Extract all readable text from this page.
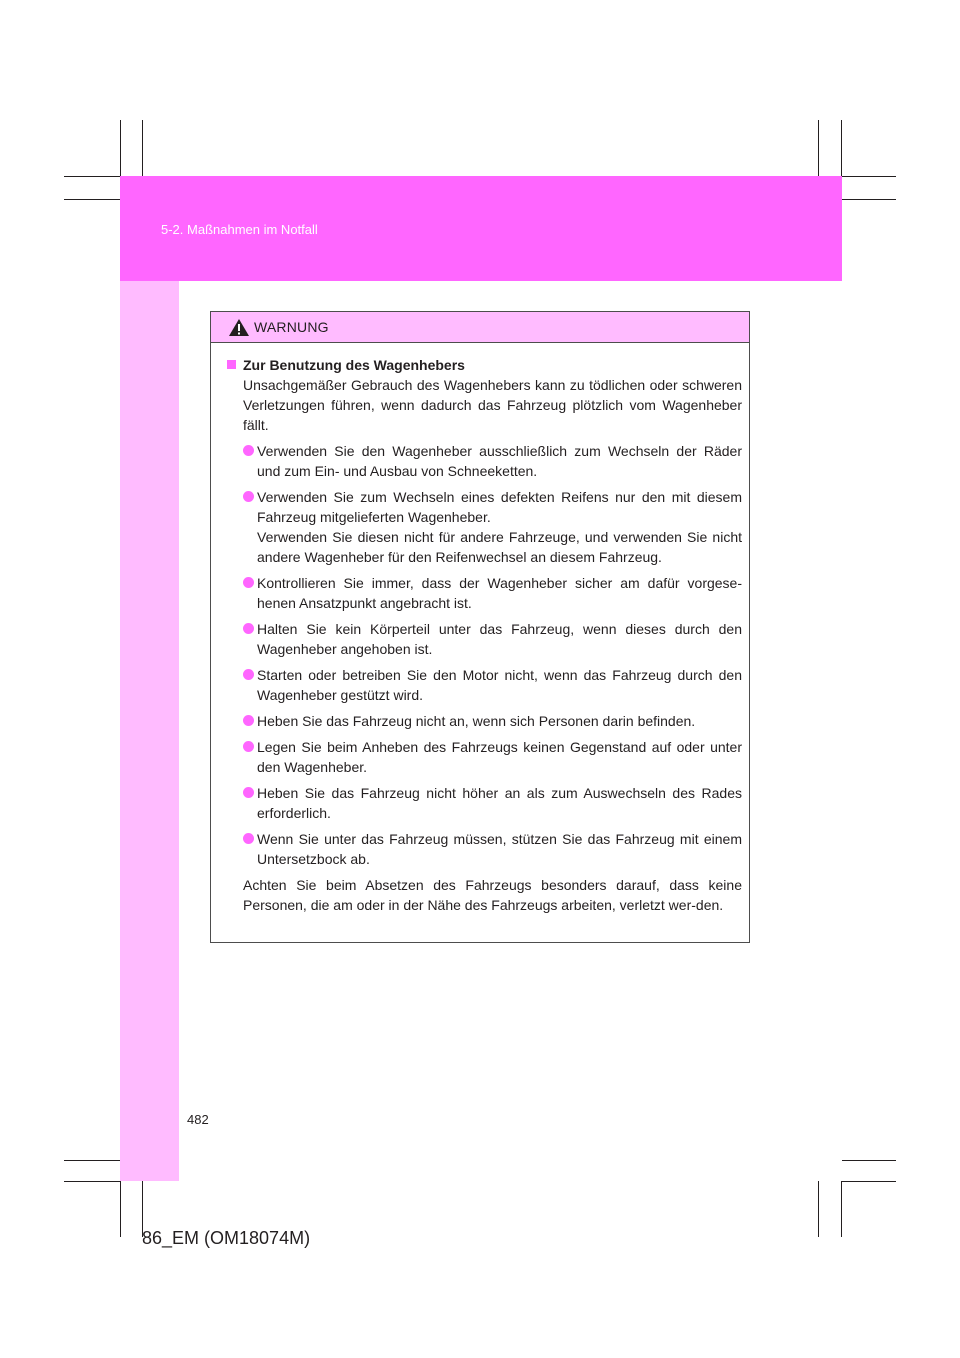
5-2. Maßnahmen im Notfall
WARNUNG
Zur Benutzung des Wagenhebers

Unsachgemäßer Gebrauch des Wagenhebers kann zu tödlichen oder schweren Verletzungen führen, wenn dadurch das Fahrzeug plötzlich vom Wagenheber fällt.

Verwenden Sie den Wagenheber ausschließlich zum Wechseln der Räder und zum Ein- und Ausbau von Schneeketten.
Verwenden Sie zum Wechseln eines defekten Reifens nur den mit diesem Fahrzeug mitgelieferten Wagenheber.
Verwenden Sie diesen nicht für andere Fahrzeuge, und verwenden Sie nicht andere Wagenheber für den Reifenwechsel an diesem Fahrzeug.
Kontrollieren Sie immer, dass der Wagenheber sicher am dafür vorgese-henen Ansatzpunkt angebracht ist.
Halten Sie kein Körperteil unter das Fahrzeug, wenn dieses durch den Wagenheber angehoben ist.
Starten oder betreiben Sie den Motor nicht, wenn das Fahrzeug durch den Wagenheber gestützt wird.
Heben Sie das Fahrzeug nicht an, wenn sich Personen darin befinden.
Legen Sie beim Anheben des Fahrzeugs keinen Gegenstand auf oder unter den Wagenheber.
Heben Sie das Fahrzeug nicht höher an als zum Auswechseln des Rades erforderlich.
Wenn Sie unter das Fahrzeug müssen, stützen Sie das Fahrzeug mit einem Untersetzbock ab.

Achten Sie beim Absetzen des Fahrzeugs besonders darauf, dass keine Personen, die am oder in der Nähe des Fahrzeugs arbeiten, verletzt wer-den.

482
86_EM (OM18074M)
